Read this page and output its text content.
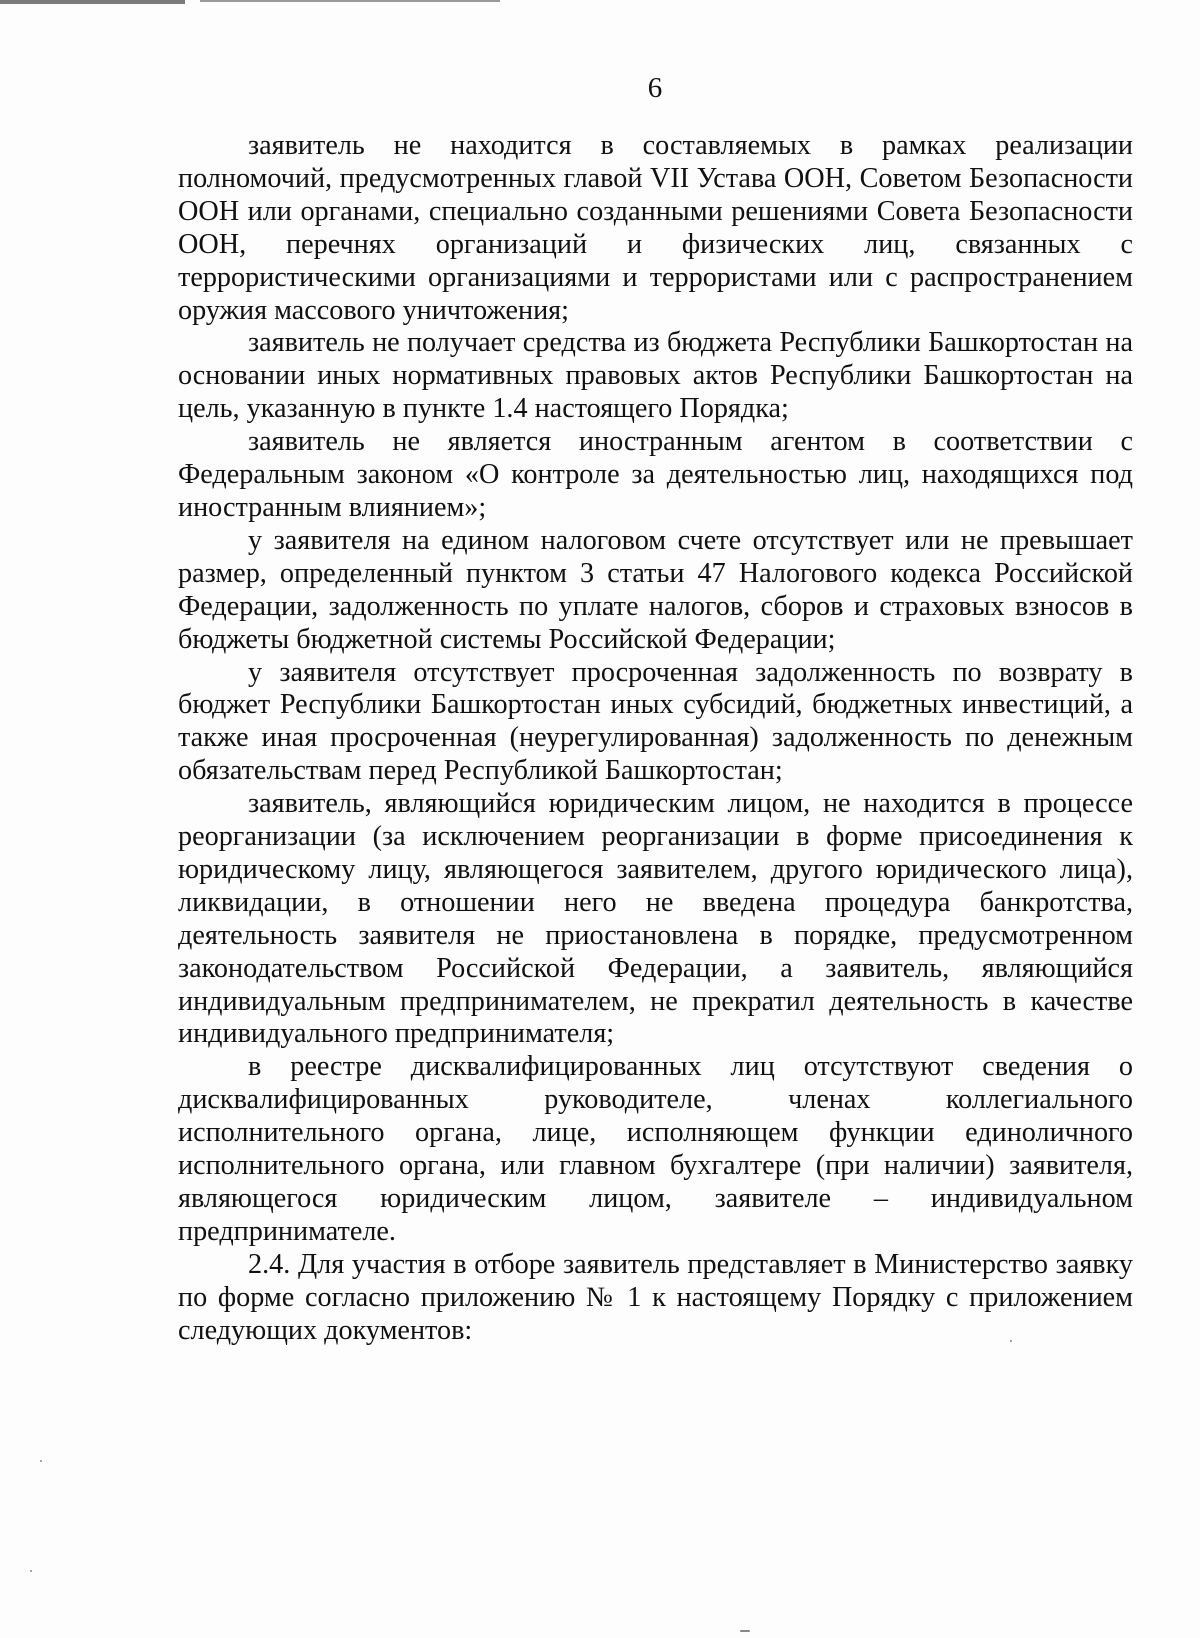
6

заявитель не находится в составляемых в рамках реализации полномочий, предусмотренных главой VII Устава ООН, Советом Безопасности ООН или органами, специально созданными решениями Совета Безопасности ООН, перечнях организаций и физических лиц, связанных с террористическими организациями и террористами или с распространением оружия массового уничтожения;

заявитель не получает средства из бюджета Республики Башкортостан на основании иных нормативных правовых актов Республики Башкортостан на цель, указанную в пункте 1.4 настоящего Порядка;

заявитель не является иностранным агентом в соответствии с Федеральным законом «О контроле за деятельностью лиц, находящихся под иностранным влиянием»;

у заявителя на едином налоговом счете отсутствует или не превышает размер, определенный пунктом 3 статьи 47 Налогового кодекса Российской Федерации, задолженность по уплате налогов, сборов и страховых взносов в бюджеты бюджетной системы Российской Федерации;

у заявителя отсутствует просроченная задолженность по возврату в бюджет Республики Башкортостан иных субсидий, бюджетных инвестиций, а также иная просроченная (неурегулированная) задолженность по денежным обязательствам перед Республикой Башкортостан;

заявитель, являющийся юридическим лицом, не находится в процессе реорганизации (за исключением реорганизации в форме присоединения к юридическому лицу, являющегося заявителем, другого юридического лица), ликвидации, в отношении него не введена процедура банкротства, деятельность заявителя не приостановлена в порядке, предусмотренном законодательством Российской Федерации, а заявитель, являющийся индивидуальным предпринимателем, не прекратил деятельность в качестве индивидуального предпринимателя;

в реестре дисквалифицированных лиц отсутствуют сведения о дисквалифицированных руководителе, членах коллегиального исполнительного органа, лице, исполняющем функции единоличного исполнительного органа, или главном бухгалтере (при наличии) заявителя, являющегося юридическим лицом, заявителе – индивидуальном предпринимателе.

2.4. Для участия в отборе заявитель представляет в Министерство заявку по форме согласно приложению № 1 к настоящему Порядку с приложением следующих документов:
